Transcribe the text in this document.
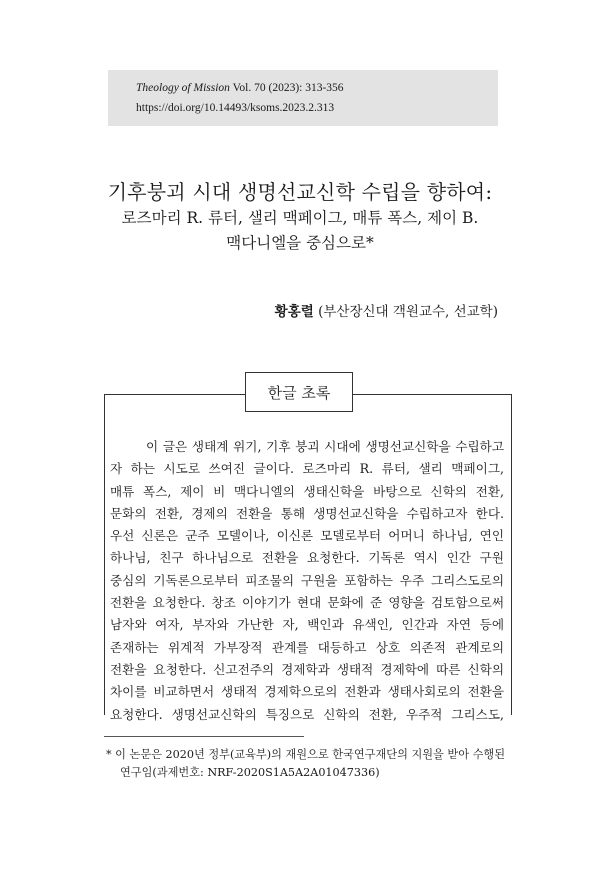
Theology of Mission Vol. 70 (2023): 313-356
https://doi.org/10.14493/ksoms.2023.2.313
기후붕괴 시대 생명선교신학 수립을 향하여:
로즈마리 R. 류터, 샐리 맥페이그, 매튜 폭스, 제이 B.
맥다니엘을 중심으로*
황홍렬 (부산장신대 객원교수, 선교학)
한글 초록
이 글은 생태계 위기, 기후 붕괴 시대에 생명선교신학을 수립하고
자 하는 시도로 쓰여진 글이다. 로즈마리 R. 류터, 샐리 맥페이그,
매튜 폭스, 제이 비 맥다니엘의 생태신학을 바탕으로 신학의 전환,
문화의 전환, 경제의 전환을 통해 생명선교신학을 수립하고자 한다.
우선 신론은 군주 모델이나, 이신론 모델로부터 어머니 하나님, 연인
하나님, 친구 하나님으로 전환을 요청한다. 기독론 역시 인간 구원
중심의 기독론으로부터 피조물의 구원을 포함하는 우주 그리스도로의
전환을 요청한다. 창조 이야기가 현대 문화에 준 영향을 검토함으로써
남자와 여자, 부자와 가난한 자, 백인과 유색인, 인간과 자연 등에
존재하는 위계적 가부장적 관계를 대등하고 상호 의존적 관계로의
전환을 요청한다. 신고전주의 경제학과 생태적 경제학에 따른 신학의
차이를 비교하면서 생태적 경제학으로의 전환과 생태사회로의 전환을
요청한다. 생명선교신학의 특징으로 신학의 전환, 우주적 그리스도,
* 이 논문은 2020년 정부(교육부)의 재원으로 한국연구재단의 지원을 받아 수행된
연구임(과제번호: NRF-2020S1A5A2A01047336)
